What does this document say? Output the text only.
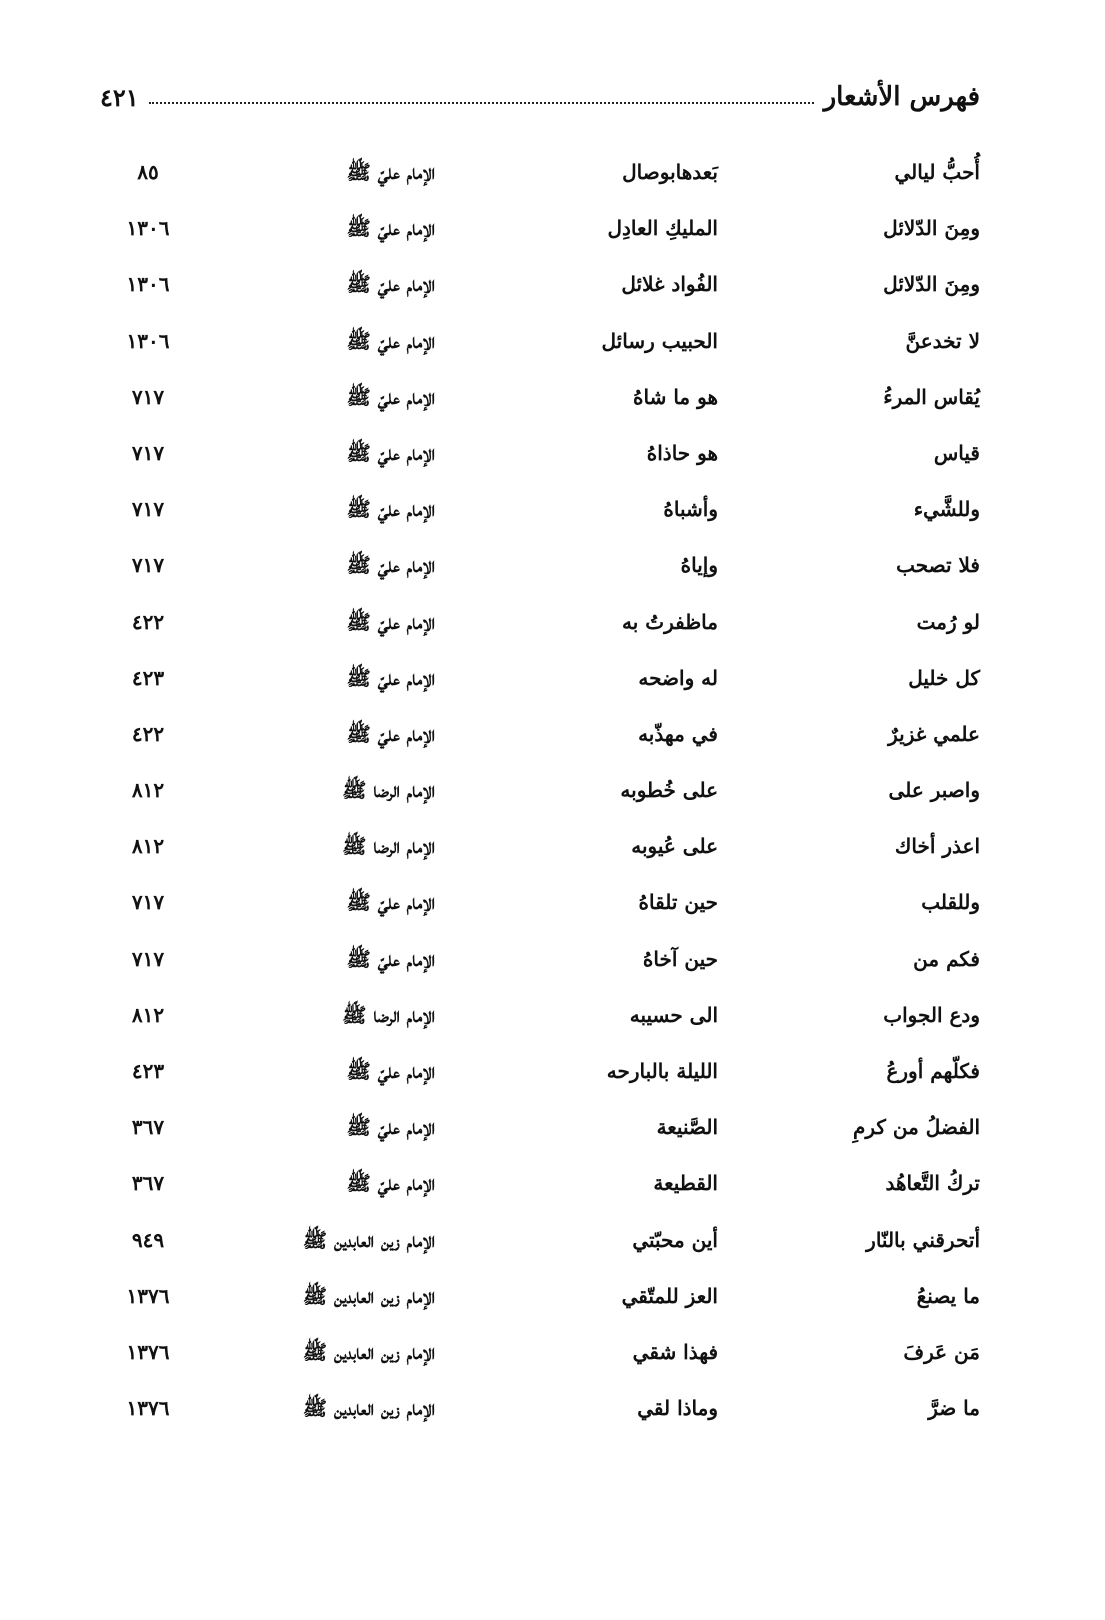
فهرس الأشعار
٤٢١
أُحبُّ ليالي
بَعدهابوصال
الإمام عليّ ﷺ
٨٥
ومِنَ الدّلائل
المليكِ العادِل
الإمام عليّ ﷺ
١٣٠٦
ومِنَ الدّلائل
الفُواد غلائل
الإمام عليّ ﷺ
١٣٠٦
لا تخدعنَّ
الحبيب رسائل
الإمام عليّ ﷺ
١٣٠٦
يُقاس المرءُ
هو ما شاهُ
الإمام عليّ ﷺ
٧١٧
قياس
هو حاذاهُ
الإمام عليّ ﷺ
٧١٧
وللشَّيء
وأشباهُ
الإمام عليّ ﷺ
٧١٧
فلا تصحب
وإياهُ
الإمام عليّ ﷺ
٧١٧
لو رُمت
ماظفرتُ به
الإمام عليّ ﷺ
٤٢٢
كل خليل
له واضحه
الإمام عليّ ﷺ
٤٢٣
علمي غزيرٌ
في مهذّبه
الإمام عليّ ﷺ
٤٢٢
واصبر على
على خُطوبه
الإمام الرضا ﷺ
٨١٢
اعذر أخاك
على عُيوبه
الإمام الرضا ﷺ
٨١٢
وللقلب
حين تلقاهُ
الإمام عليّ ﷺ
٧١٧
فكم من
حين آخاهُ
الإمام عليّ ﷺ
٧١٧
ودع الجواب
الى حسيبه
الإمام الرضا ﷺ
٨١٢
فكلّهم أورعُ
الليلة بالبارحه
الإمام عليّ ﷺ
٤٢٣
الفضلُ من كرمِ
الصَّنيعة
الإمام عليّ ﷺ
٣٦٧
تركُ التَّعاهُد
القطيعة
الإمام عليّ ﷺ
٣٦٧
أتحرقني بالنّار
أين محبّتي
الإمام زين العابدين ﷺ
٩٤٩
ما يصنعُ
العز للمتّقي
الإمام زين العابدين ﷺ
١٣٧٦
مَن عَرفَ
فهذا شقي
الإمام زين العابدين ﷺ
١٣٧٦
ما ضرَّ
وماذا لقي
الإمام زين العابدين ﷺ
١٣٧٦
